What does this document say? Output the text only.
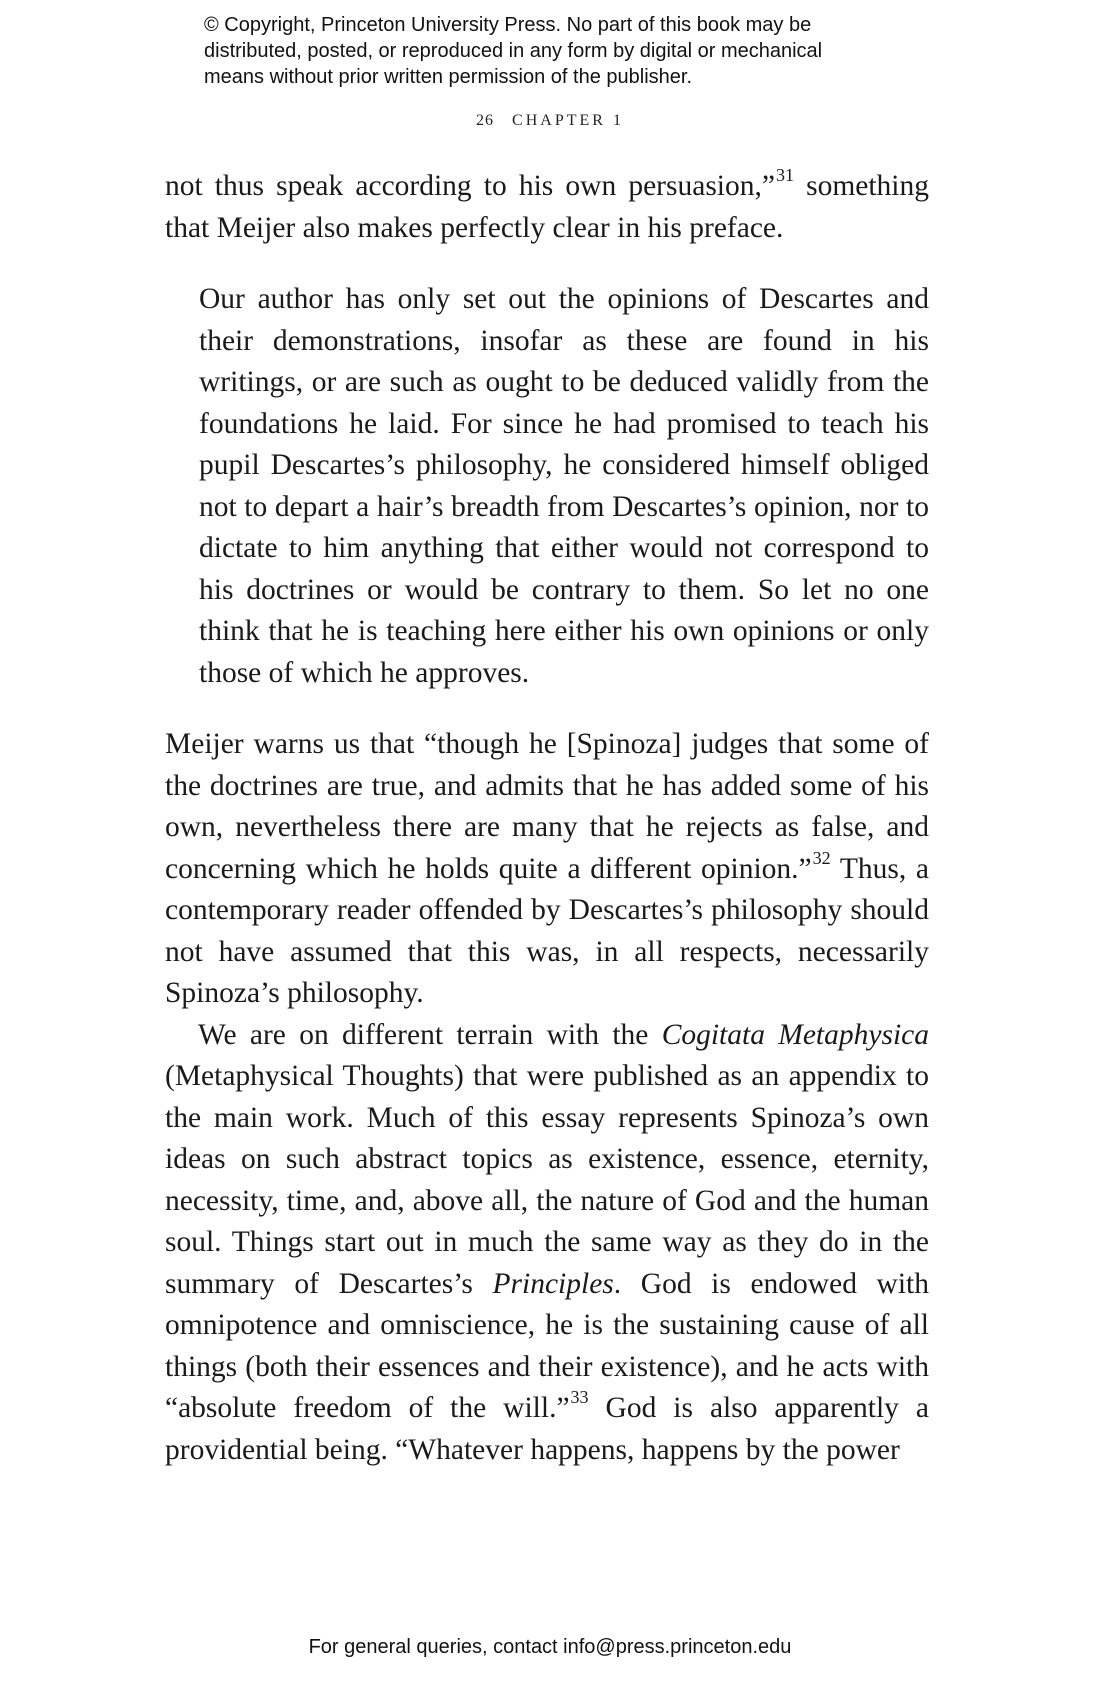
© Copyright, Princeton University Press. No part of this book may be
distributed, posted, or reproduced in any form by digital or mechanical
means without prior written permission of the publisher.
26 CHAPTER 1

not thus speak according to his own persuasion,”$^{31}$ something that Meijer also makes perfectly clear in his preface.

Our author has only set out the opinions of Descartes and their demonstrations, insofar as these are found in his writings, or are such as ought to be deduced validly from the foundations he laid. For since he had promised to teach his pupil Descartes’s philosophy, he considered himself obliged not to depart a hair’s breadth from Descartes’s opinion, nor to dictate to him anything that either would not correspond to his doctrines or would be contrary to them. So let no one think that he is teaching here either his own opinions or only those of which he approves.

Meijer warns us that “though he [Spinoza] judges that some of the doctrines are true, and admits that he has added some of his own, nevertheless there are many that he rejects as false, and concerning which he holds quite a different opinion.”$^{32}$ Thus, a contemporary reader offended by Descartes’s philosophy should not have assumed that this was, in all respects, necessarily Spinoza’s philosophy.

We are on different terrain with the Cogitata Metaphysica (Metaphysical Thoughts) that were published as an appendix to the main work. Much of this essay represents Spinoza’s own ideas on such abstract topics as existence, essence, eternity, necessity, time, and, above all, the nature of God and the human soul. Things start out in much the same way as they do in the summary of Descartes’s Principles. God is endowed with omnipotence and omniscience, he is the sustaining cause of all things (both their essences and their existence), and he acts with “absolute freedom of the will.”$^{33}$ God is also apparently a providential being. “Whatever happens, happens by the power

For general queries, contact info@press.princeton.edu
